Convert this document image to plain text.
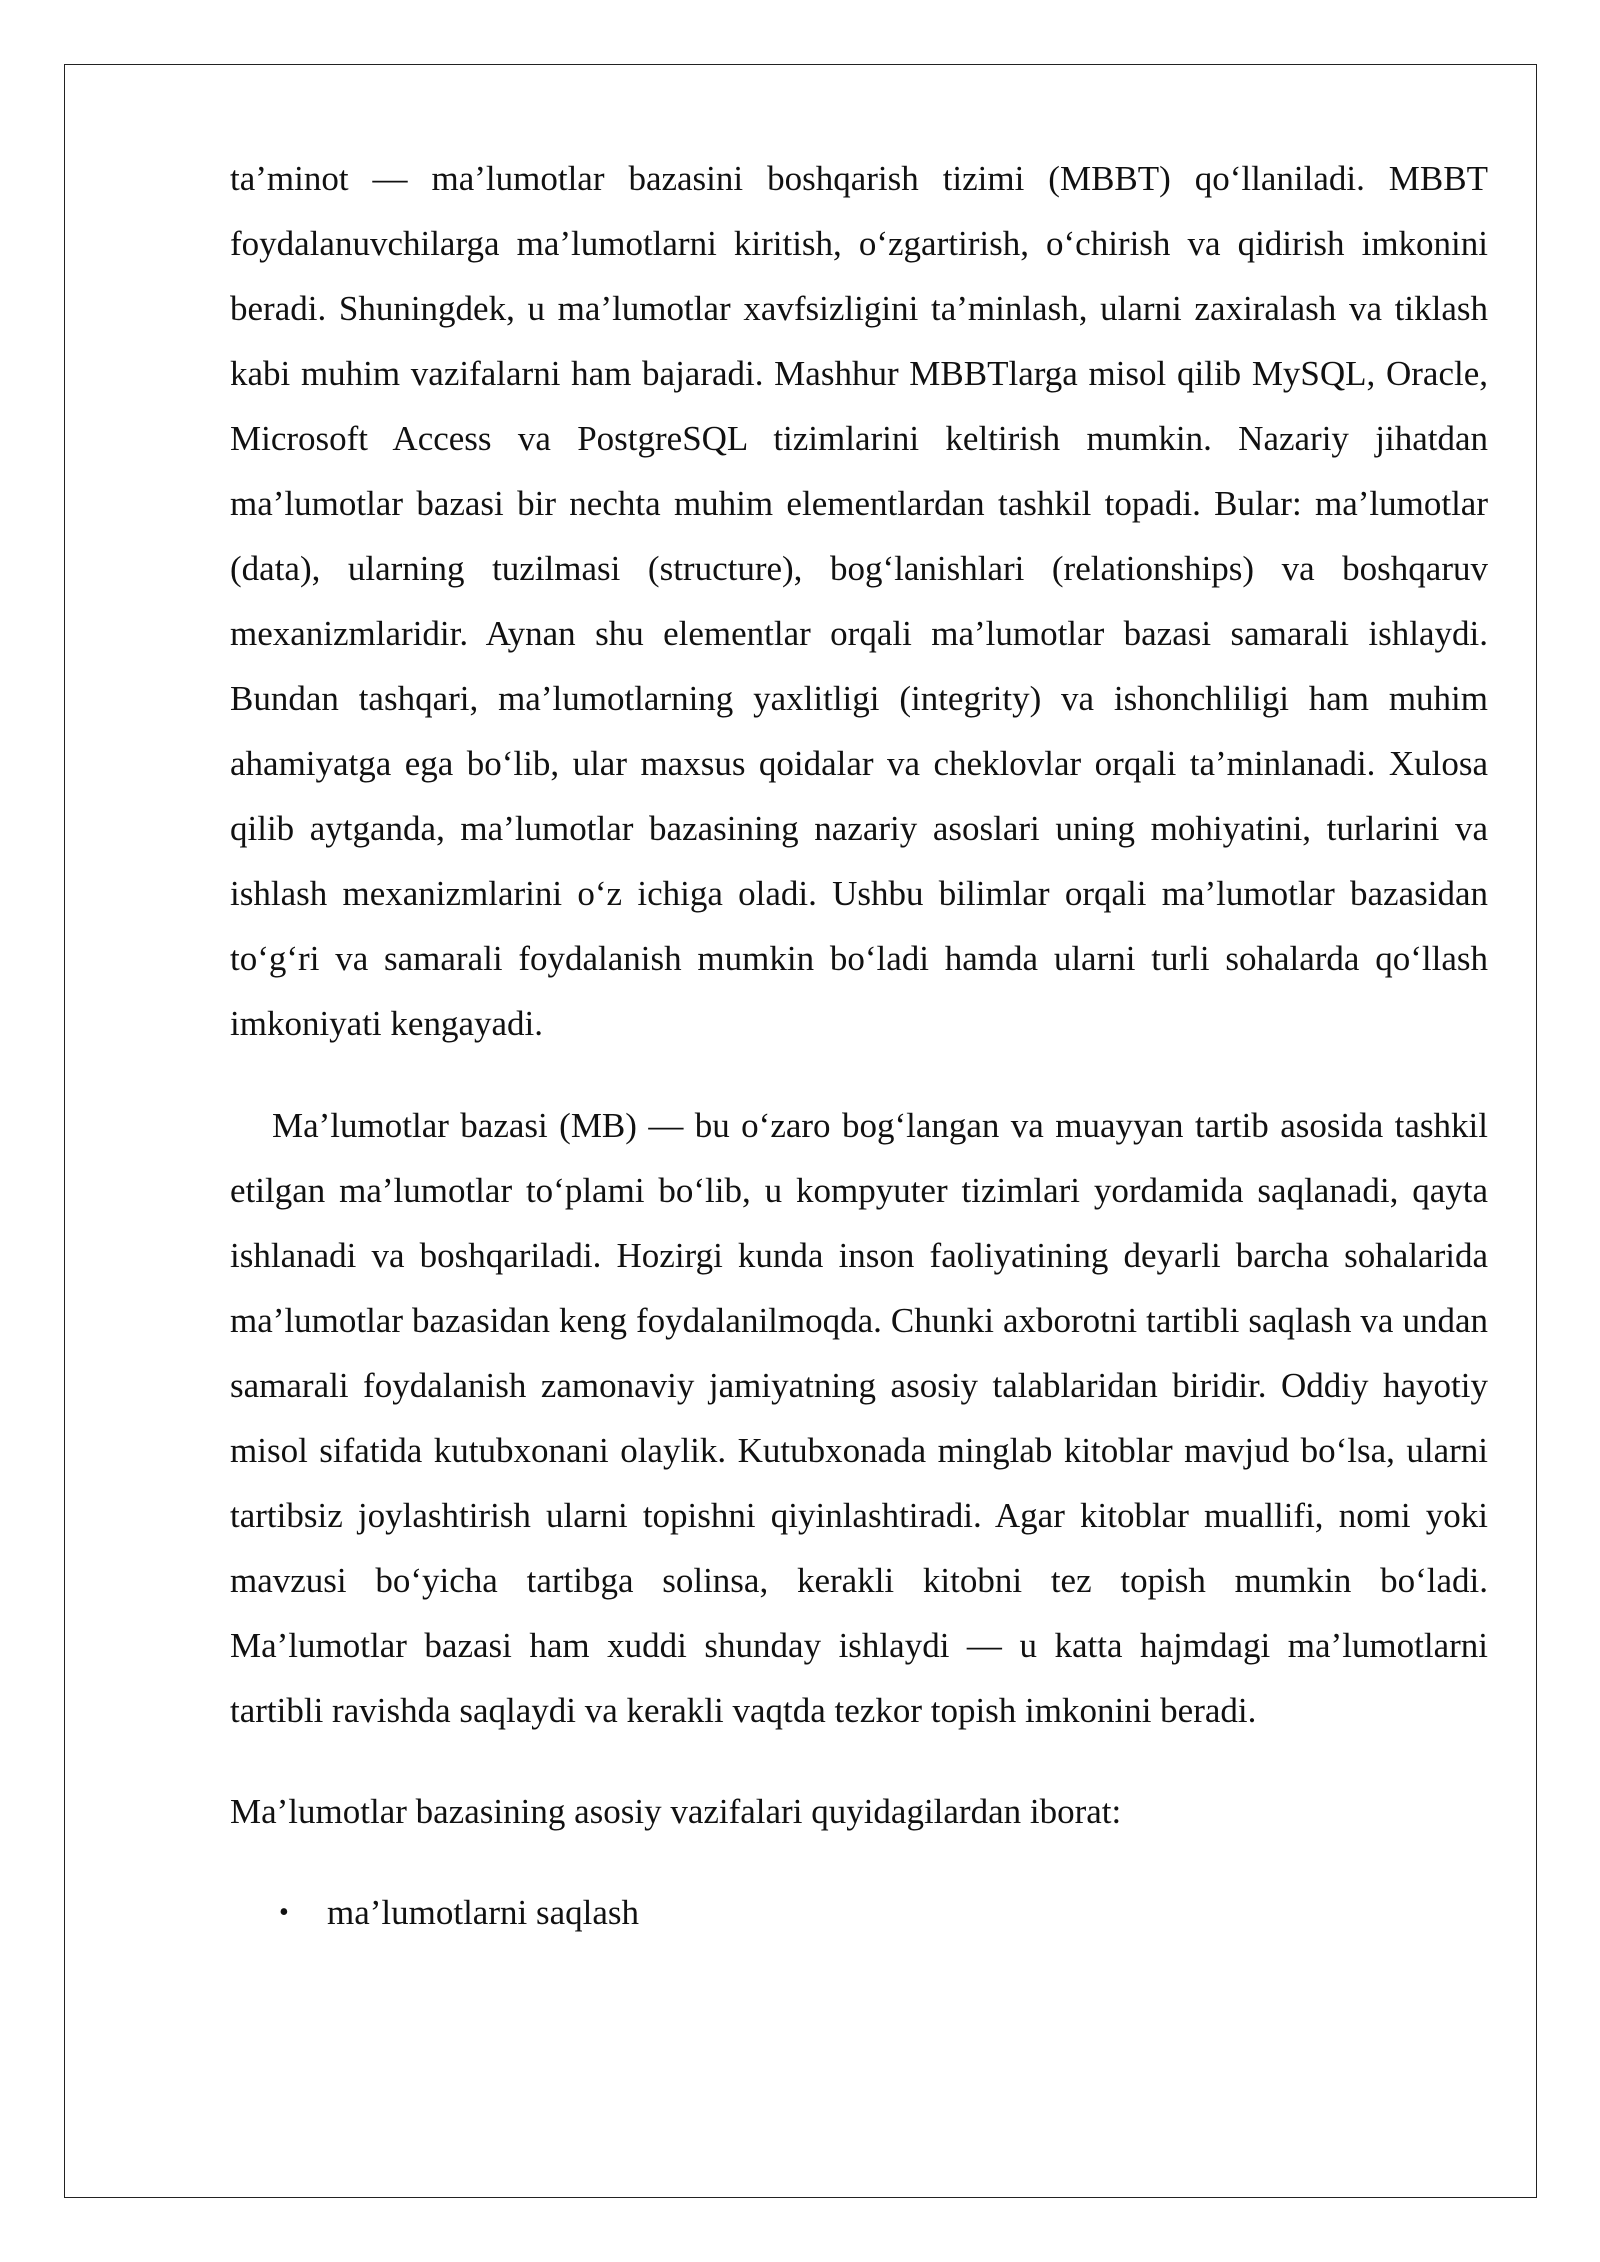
ta’minot — ma’lumotlar bazasini boshqarish tizimi (MBBT) qo‘llaniladi. MBBT foydalanuvchilarga ma’lumotlarni kiritish, o‘zgartirish, o‘chirish va qidirish imkonini beradi. Shuningdek, u ma’lumotlar xavfsizligini ta’minlash, ularni zaxiralash va tiklash kabi muhim vazifalarni ham bajaradi. Mashhur MBBTlarga misol qilib MySQL, Oracle, Microsoft Access va PostgreSQL tizimlarini keltirish mumkin. Nazariy jihatdan ma’lumotlar bazasi bir nechta muhim elementlardan tashkil topadi. Bular: ma’lumotlar (data), ularning tuzilmasi (structure), bog‘lanishlari (relationships) va boshqaruv mexanizmlaridir. Aynan shu elementlar orqali ma’lumotlar bazasi samarali ishlaydi. Bundan tashqari, ma’lumotlarning yaxlitligi (integrity) va ishonchliligi ham muhim ahamiyatga ega bo‘lib, ular maxsus qoidalar va cheklovlar orqali ta’minlanadi. Xulosa qilib aytganda, ma’lumotlar bazasining nazariy asoslari uning mohiyatini, turlarini va ishlash mexanizmlarini o‘z ichiga oladi. Ushbu bilimlar orqali ma’lumotlar bazasidan to‘g‘ri va samarali foydalanish mumkin bo‘ladi hamda ularni turli sohalarda qo‘llash imkoniyati kengayadi.

Ma’lumotlar bazasi (MB) — bu o‘zaro bog‘langan va muayyan tartib asosida tashkil etilgan ma’lumotlar to‘plami bo‘lib, u kompyuter tizimlari yordamida saqlanadi, qayta ishlanadi va boshqariladi. Hozirgi kunda inson faoliyatining deyarli barcha sohalarida ma’lumotlar bazasidan keng foydalanilmoqda. Chunki axborotni tartibli saqlash va undan samarali foydalanish zamonaviy jamiyatning asosiy talablaridan biridir. Oddiy hayotiy misol sifatida kutubxonani olaylik. Kutubxonada minglab kitoblar mavjud bo‘lsa, ularni tartibsiz joylashtirish ularni topishni qiyinlashtiradi. Agar kitoblar muallifi, nomi yoki mavzusi bo‘yicha tartibga solinsa, kerakli kitobni tez topish mumkin bo‘ladi. Ma’lumotlar bazasi ham xuddi shunday ishlaydi — u katta hajmdagi ma’lumotlarni tartibli ravishda saqlaydi va kerakli vaqtda tezkor topish imkonini beradi.

Ma’lumotlar bazasining asosiy vazifalari quyidagilardan iborat:

• ma’lumotlarni saqlash
